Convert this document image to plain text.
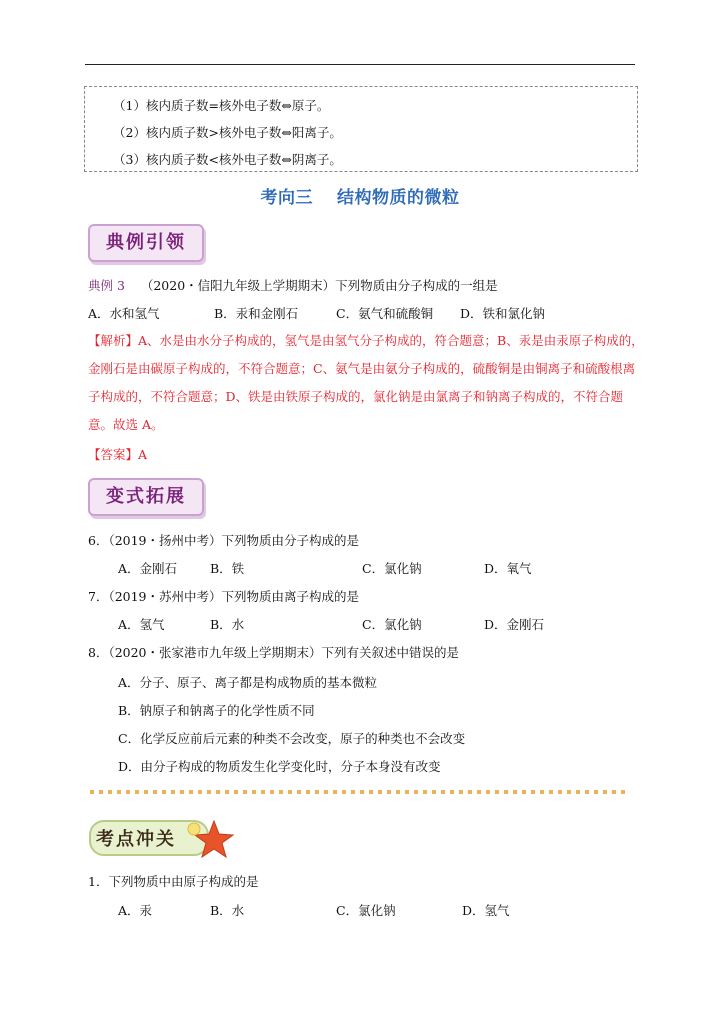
（1）核内质子数=核外电子数⇔原子。
（2）核内质子数>核外电子数⇔阳离子。
（3）核内质子数<核外电子数⇔阴离子。
考向三 结构物质的微粒
典例引领
典例 3 （2020・信阳九年级上学期期末）下列物质由分子构成的一组是
A．水和氢气	B．汞和金刚石	C．氨气和硫酸铜 D．铁和氯化钠
【解析】A、水是由水分子构成的，氢气是由氢气分子构成的，符合题意；B、汞是由汞原子构成的，
金刚石是由碳原子构成的，不符合题意；C、氨气是由氨分子构成的，硫酸铜是由铜离子和硫酸根离
子构成的，不符合题意；D、铁是由铁原子构成的，氯化钠是由氯离子和钠离子构成的，不符合题
意。故选 A。
【答案】A
变式拓展
6．（2019・扬州中考）下列物质由分子构成的是
A．金刚石	B．铁	C．氯化钠	D．氧气
7．（2019・苏州中考）下列物质由离子构成的是
A．氢气	B．水	C．氯化钠	D．金刚石
8．（2020・张家港市九年级上学期期末）下列有关叙述中错误的是
A．分子、原子、离子都是构成物质的基本微粒
B．钠原子和钠离子的化学性质不同
C．化学反应前后元素的种类不会改变，原子的种类也不会改变
D．由分子构成的物质发生化学变化时，分子本身没有改变
考点冲关
1．下列物质中由原子构成的是
A．汞	B．水	C．氯化钠	D．氢气
